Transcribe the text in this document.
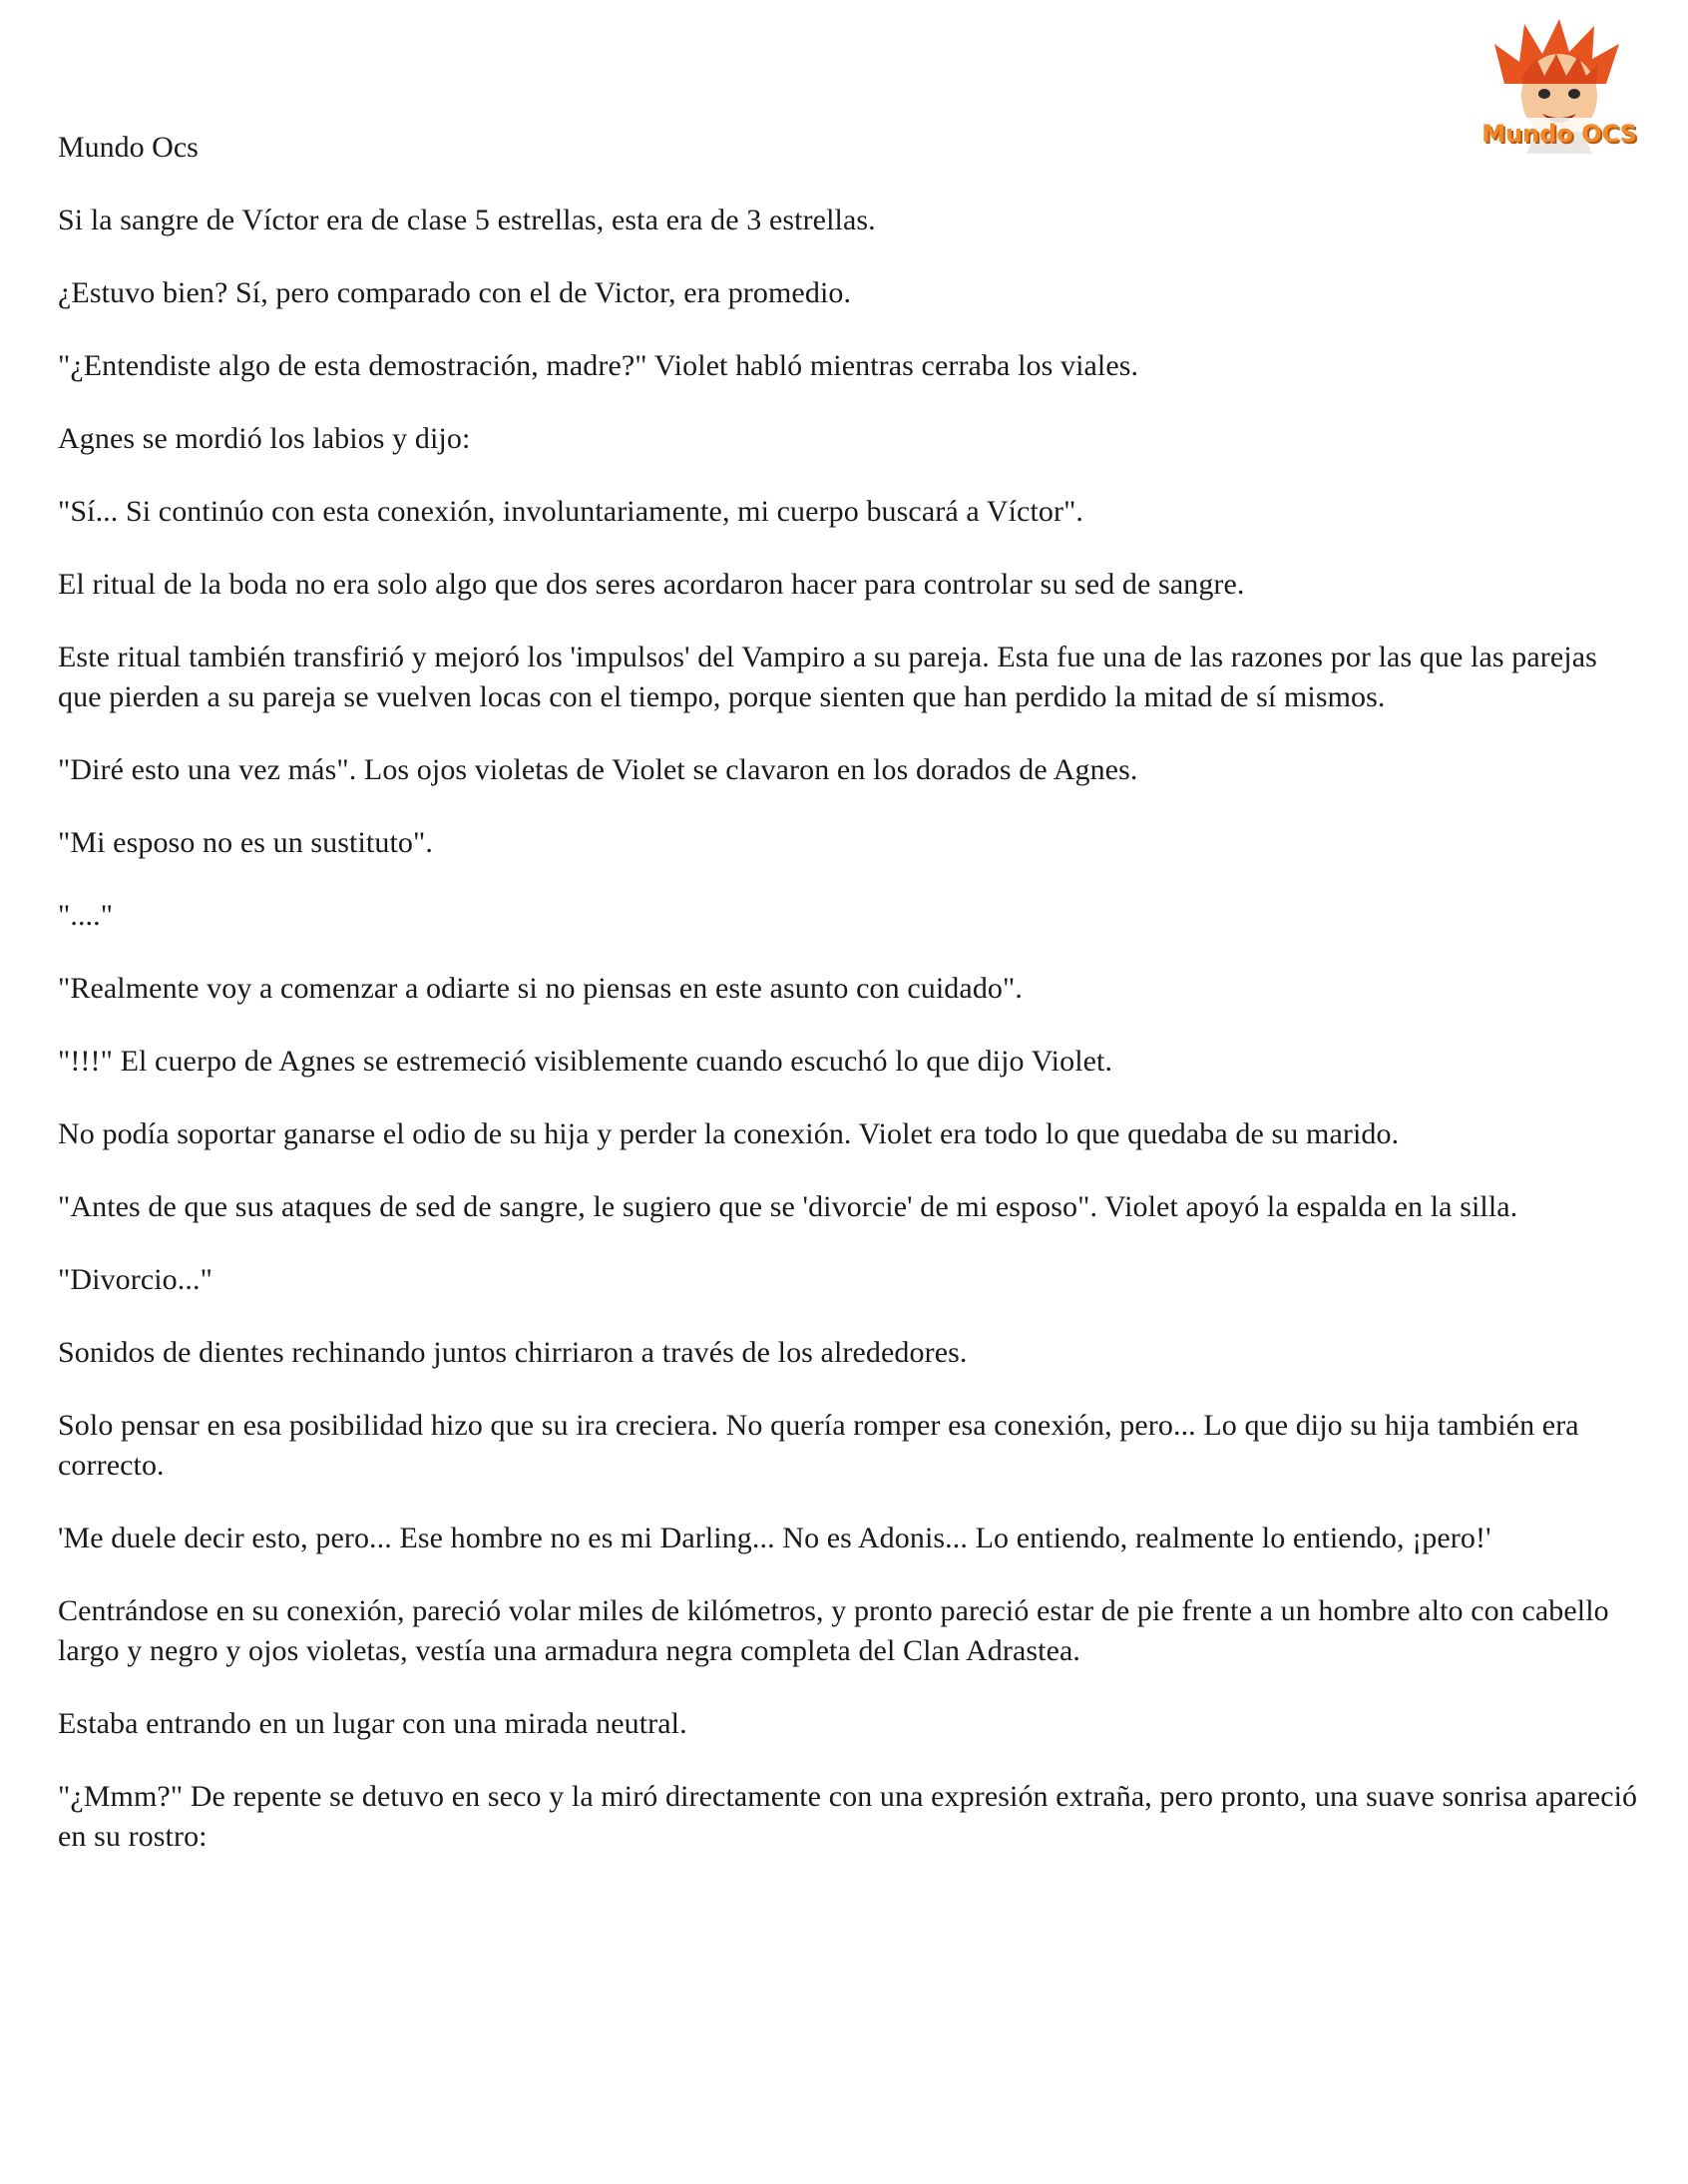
Mundo OCS

Mundo Ocs

Si la sangre de Víctor era de clase 5 estrellas, esta era de 3 estrellas.

¿Estuvo bien? Sí, pero comparado con el de Victor, era promedio.

"¿Entendiste algo de esta demostración, madre?" Violet habló mientras cerraba los viales.

Agnes se mordió los labios y dijo:

"Sí... Si continúo con esta conexión, involuntariamente, mi cuerpo buscará a Víctor".

El ritual de la boda no era solo algo que dos seres acordaron hacer para controlar su sed de sangre.

Este ritual también transfirió y mejoró los 'impulsos' del Vampiro a su pareja. Esta fue una de las razones por las que las parejas que pierden a su pareja se vuelven locas con el tiempo, porque sienten que han perdido la mitad de sí mismos.

"Diré esto una vez más". Los ojos violetas de Violet se clavaron en los dorados de Agnes.

"Mi esposo no es un sustituto".

"...."

"Realmente voy a comenzar a odiarte si no piensas en este asunto con cuidado".

"!!!" El cuerpo de Agnes se estremeció visiblemente cuando escuchó lo que dijo Violet.

No podía soportar ganarse el odio de su hija y perder la conexión. Violet era todo lo que quedaba de su marido.

"Antes de que sus ataques de sed de sangre, le sugiero que se 'divorcie' de mi esposo". Violet apoyó la espalda en la silla.

"Divorcio..."

Sonidos de dientes rechinando juntos chirriaron a través de los alrededores.

Solo pensar en esa posibilidad hizo que su ira creciera. No quería romper esa conexión, pero... Lo que dijo su hija también era correcto.

'Me duele decir esto, pero... Ese hombre no es mi Darling... No es Adonis... Lo entiendo, realmente lo entiendo, ¡pero!'

Centrándose en su conexión, pareció volar miles de kilómetros, y pronto pareció estar de pie frente a un hombre alto con cabello largo y negro y ojos violetas, vestía una armadura negra completa del Clan Adrastea.

Estaba entrando en un lugar con una mirada neutral.

"¿Mmm?" De repente se detuvo en seco y la miró directamente con una expresión extraña, pero pronto, una suave sonrisa apareció en su rostro:
